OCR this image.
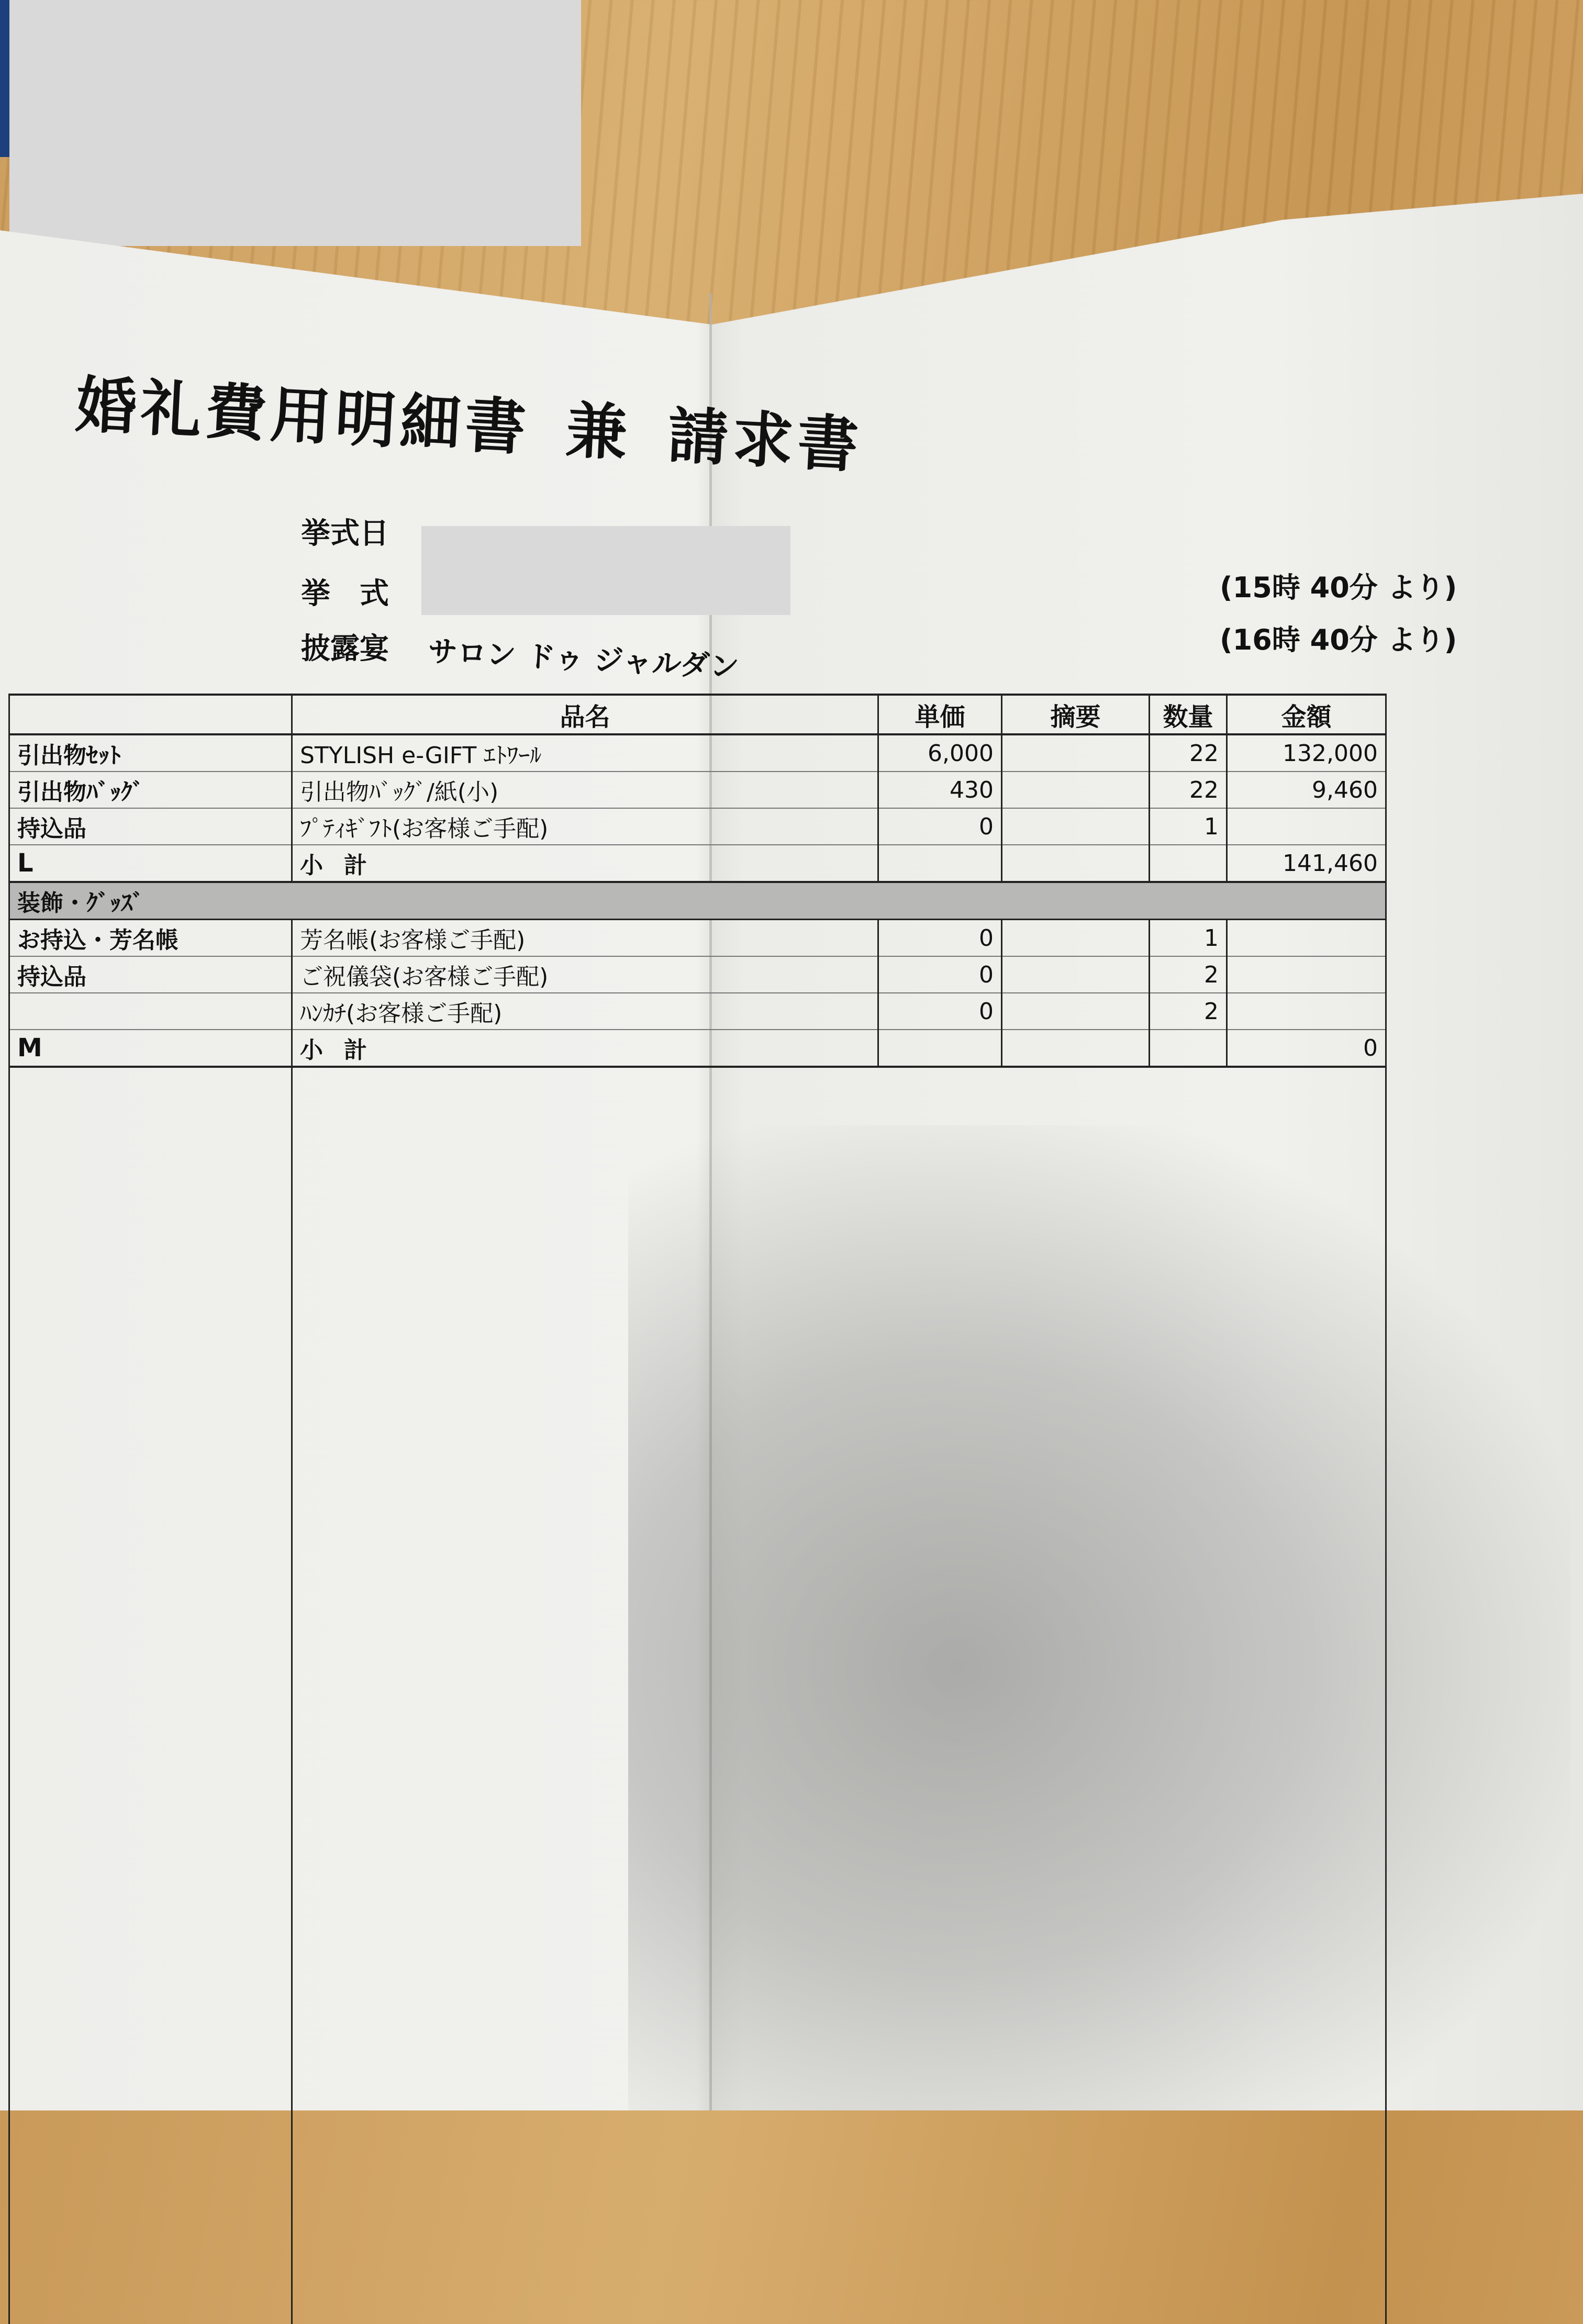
婚礼費用明細書 兼 請求書
挙式日
挙　式
披露宴 サロン ドゥ ジャルダン
(15時 40分 より)
(16時 40分 より)
	品名	単価	摘要	数量	金額
引出物ｾｯﾄ	STYLISH e-GIFT ｴﾄﾜｰﾙ	6,000		22	132,000
引出物ﾊﾞｯｸﾞ	引出物ﾊﾞｯｸﾞ/紙(小)	430		22	9,460
持込品	ﾌﾟﾃｨｷﾞﾌﾄ(お客様ご手配)	0		1	
L	小計				141,460
装飾・ｸﾞｯｽﾞ					
お持込・芳名帳	芳名帳(お客様ご手配)	0		1	
持込品	ご祝儀袋(お客様ご手配)	0		2	
	ﾊﾝｶﾁ(お客様ご手配)	0		2	
M	小計				0
